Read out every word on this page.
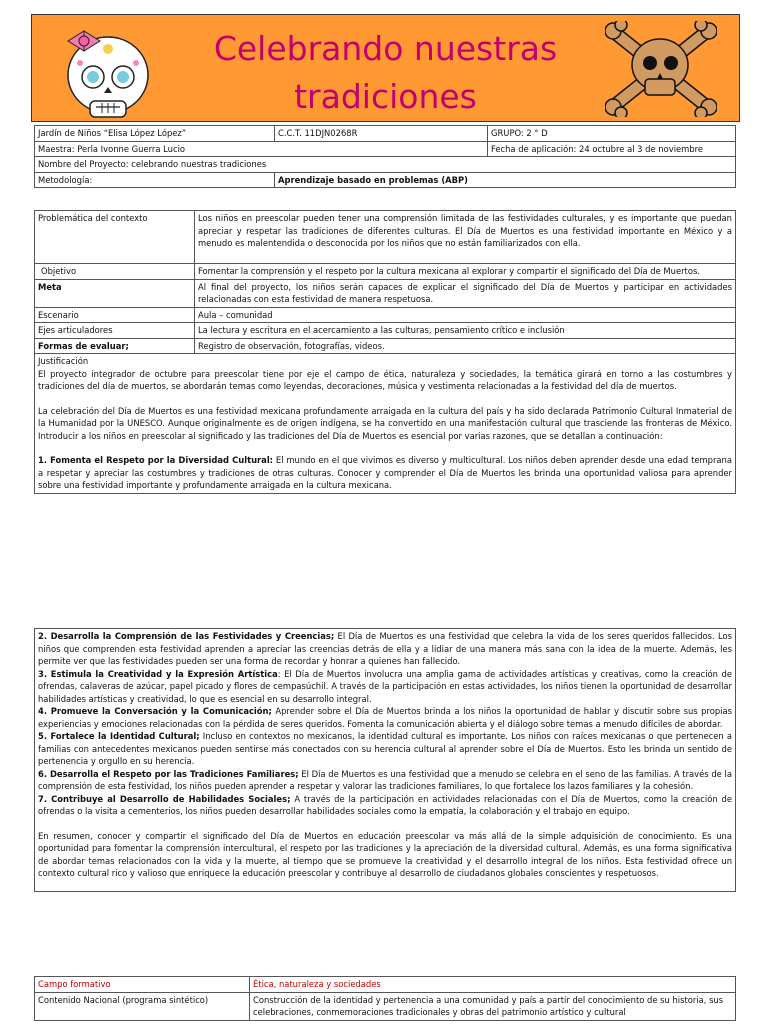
Celebrando nuestras tradiciones
Jardín de Niños “Elisa López López”	C.C.T. 11DJN0268R	GRUPO: 2 ° D
Maestra: Perla Ivonne Guerra Lucio		Fecha de aplicación: 24 octubre al 3 de noviembre
Nombre del Proyecto: celebrando nuestras tradiciones		
Metodología:	Aprendizaje basado en problemas (ABP)	
Problemática del contexto	Los niños en preescolar pueden tener una comprensión limitada de las festividades culturales, y es importante que puedan apreciar y respetar las tradiciones de diferentes culturas. El Día de Muertos es una festividad importante en México y a menudo es malentendida o desconocida por los niños que no están familiarizados con ella.
Objetivo	Fomentar la comprensión y el respeto por la cultura mexicana al explorar y compartir el significado del Día de Muertos.
Meta	Al final del proyecto, los niños serán capaces de explicar el significado del Día de Muertos y participar en actividades relacionadas con esta festividad de manera respetuosa.
Escenario	Aula – comunidad
Ejes articuladores	La lectura y escritura en el acercamiento a las culturas, pensamiento crítico e inclusión
Formas de evaluar;	Registro de observación, fotografías, videos.

Justificación

El proyecto integrador de octubre para preescolar tiene por eje el campo de ética, naturaleza y sociedades, la temática girará en torno a las costumbres y tradiciones del día de muertos, se abordarán temas como leyendas, decoraciones, música y vestimenta relacionadas a la festividad del día de muertos.

La celebración del Día de Muertos es una festividad mexicana profundamente arraigada en la cultura del país y ha sido declarada Patrimonio Cultural Inmaterial de la Humanidad por la UNESCO. Aunque originalmente es de origen indígena, se ha convertido en una manifestación cultural que trasciende las fronteras de México. Introducir a los niños en preescolar al significado y las tradiciones del Día de Muertos es esencial por varias razones, que se detallan a continuación:

1. Fomenta el Respeto por la Diversidad Cultural: El mundo en el que vivimos es diverso y multicultural. Los niños deben aprender desde una edad temprana a respetar y apreciar las costumbres y tradiciones de otras culturas. Conocer y comprender el Día de Muertos les brinda una oportunidad valiosa para aprender sobre una festividad importante y profundamente arraigada en la cultura mexicana.	

2. Desarrolla la Comprensión de las Festividades y Creencias; El Día de Muertos es una festividad que celebra la vida de los seres queridos fallecidos. Los niños que comprenden esta festividad aprenden a apreciar las creencias detrás de ella y a lidiar de una manera más sana con la idea de la muerte. Además, les permite ver que las festividades pueden ser una forma de recordar y honrar a quienes han fallecido.

3. Estimula la Creatividad y la Expresión Artística: El Día de Muertos involucra una amplia gama de actividades artísticas y creativas, como la creación de ofrendas, calaveras de azúcar, papel picado y flores de cempasúchil. A través de la participación en estas actividades, los niños tienen la oportunidad de desarrollar habilidades artísticas y creatividad, lo que es esencial en su desarrollo integral.

4. Promueve la Conversación y la Comunicación; Aprender sobre el Día de Muertos brinda a los niños la oportunidad de hablar y discutir sobre sus propias experiencias y emociones relacionadas con la pérdida de seres queridos. Fomenta la comunicación abierta y el diálogo sobre temas a menudo difíciles de abordar.

5. Fortalece la Identidad Cultural; Incluso en contextos no mexicanos, la identidad cultural es importante. Los niños con raíces mexicanas o que pertenecen a familias con antecedentes mexicanos pueden sentirse más conectados con su herencia cultural al aprender sobre el Día de Muertos. Esto les brinda un sentido de pertenencia y orgullo en su herencia.

6. Desarrolla el Respeto por las Tradiciones Familiares; El Día de Muertos es una festividad que a menudo se celebra en el seno de las familias. A través de la comprensión de esta festividad, los niños pueden aprender a respetar y valorar las tradiciones familiares, lo que fortalece los lazos familiares y la cohesión.

7. Contribuye al Desarrollo de Habilidades Sociales; A través de la participación en actividades relacionadas con el Día de Muertos, como la creación de ofrendas o la visita a cementerios, los niños pueden desarrollar habilidades sociales como la empatía, la colaboración y el trabajo en equipo.

En resumen, conocer y compartir el significado del Día de Muertos en educación preescolar va más allá de la simple adquisición de conocimiento. Es una oportunidad para fomentar la comprensión intercultural, el respeto por las tradiciones y la apreciación de la diversidad cultural. Además, es una forma significativa de abordar temas relacionados con la vida y la muerte, al tiempo que se promueve la creatividad y el desarrollo integral de los niños. Esta festividad ofrece un contexto cultural rico y valioso que enriquece la educación preescolar y contribuye al desarrollo de ciudadanos globales conscientes y respetuosos.

Campo formativo	Ética, naturaleza y sociedades
Contenido Nacional (programa sintético)	Construcción de la identidad y pertenencia a una comunidad y país a partir del conocimiento de su historia, sus celebraciones, conmemoraciones tradicionales y obras del patrimonio artístico y cultural
